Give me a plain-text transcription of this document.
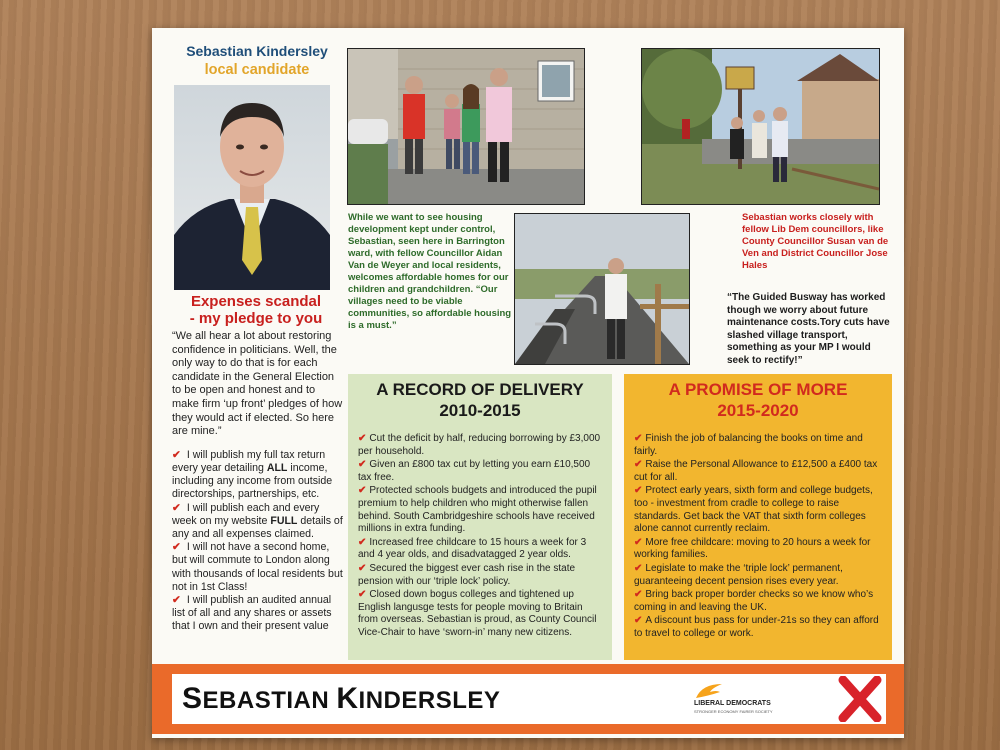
Sebastian Kindersley
local candidate
Expenses scandal
- my pledge to you

“We all hear a lot about restoring confidence in politicians. Well, the only way to do that is for each candidate in the General Election to be open and honest and to make firm ‘up front’ pledges of how they would act if elected. So here are mine.”

✔ I will publish my full tax return every year detailing ALL income, including any income from outside directorships, partnerships, etc.
✔ I will publish each and every week on my website FULL details of any and all expenses claimed.
✔ I will not have a second home, but will commute to London along with thousands of local residents but not in 1st Class!
✔ I will publish an audited annual list of all and any shares or assets that I own and their present value
While we want to see housing development kept under control, Sebastian, seen here in Barrington ward, with fellow Councillor Aidan Van de Weyer and local residents, welcomes affordable homes for our children and grandchildren. “Our villages need to be viable communities, so affordable housing is a must.”
Sebastian works closely with fellow Lib Dem councillors, like County Councillor Susan van de Ven and District Councillor Jose Hales
“The Guided Busway has worked though we worry about future maintenance costs.Tory cuts have slashed village transport, something as your MP I would seek to rectify!”
A RECORD OF DELIVERY
2010-2015
✔ Cut the deficit by half, reducing borrowing by £3,000 per household.
✔ Given an £800 tax cut by letting you earn £10,500 tax free.
✔ Protected schools budgets and introduced the pupil premium to help children who might otherwise fallen behind. South Cambridgeshire schools have received millions in extra funding.
✔ Increased free childcare to 15 hours a week for 3 and 4 year olds, and disadvatagged 2 year olds.
✔ Secured the biggest ever cash rise in the state pension with our ‘triple lock’ policy.
✔ Closed down bogus colleges and tightened up English langusge tests for people moving to Britain from overseas. Sebastian is proud, as County Council Vice-Chair to have ‘sworn-in’ many new citizens.
A PROMISE OF MORE
2015-2020
✔ Finish the job of balancing the books on time and fairly.
✔ Raise the Personal Allowance to £12,500 a £400 tax cut for all.
✔ Protect early years, sixth form and college budgets, too - investment from cradle to college to raise standards. Get back the VAT that sixth form colleges alone cannot currently reclaim.
✔ More free childcare: moving to 20 hours a week for working families.
✔ Legislate to make the ‘triple lock’ permanent, guaranteeing decent pension rises every year.
✔ Bring back proper border checks so we know who’s coming in and leaving the UK.
✔ A discount bus pass for under-21s so they can afford to travel to college or work.
SEBASTIAN KINDERSLEY	LIBERAL DEMOCRATS
STRONGER ECONOMY FAIRER SOCIETY
